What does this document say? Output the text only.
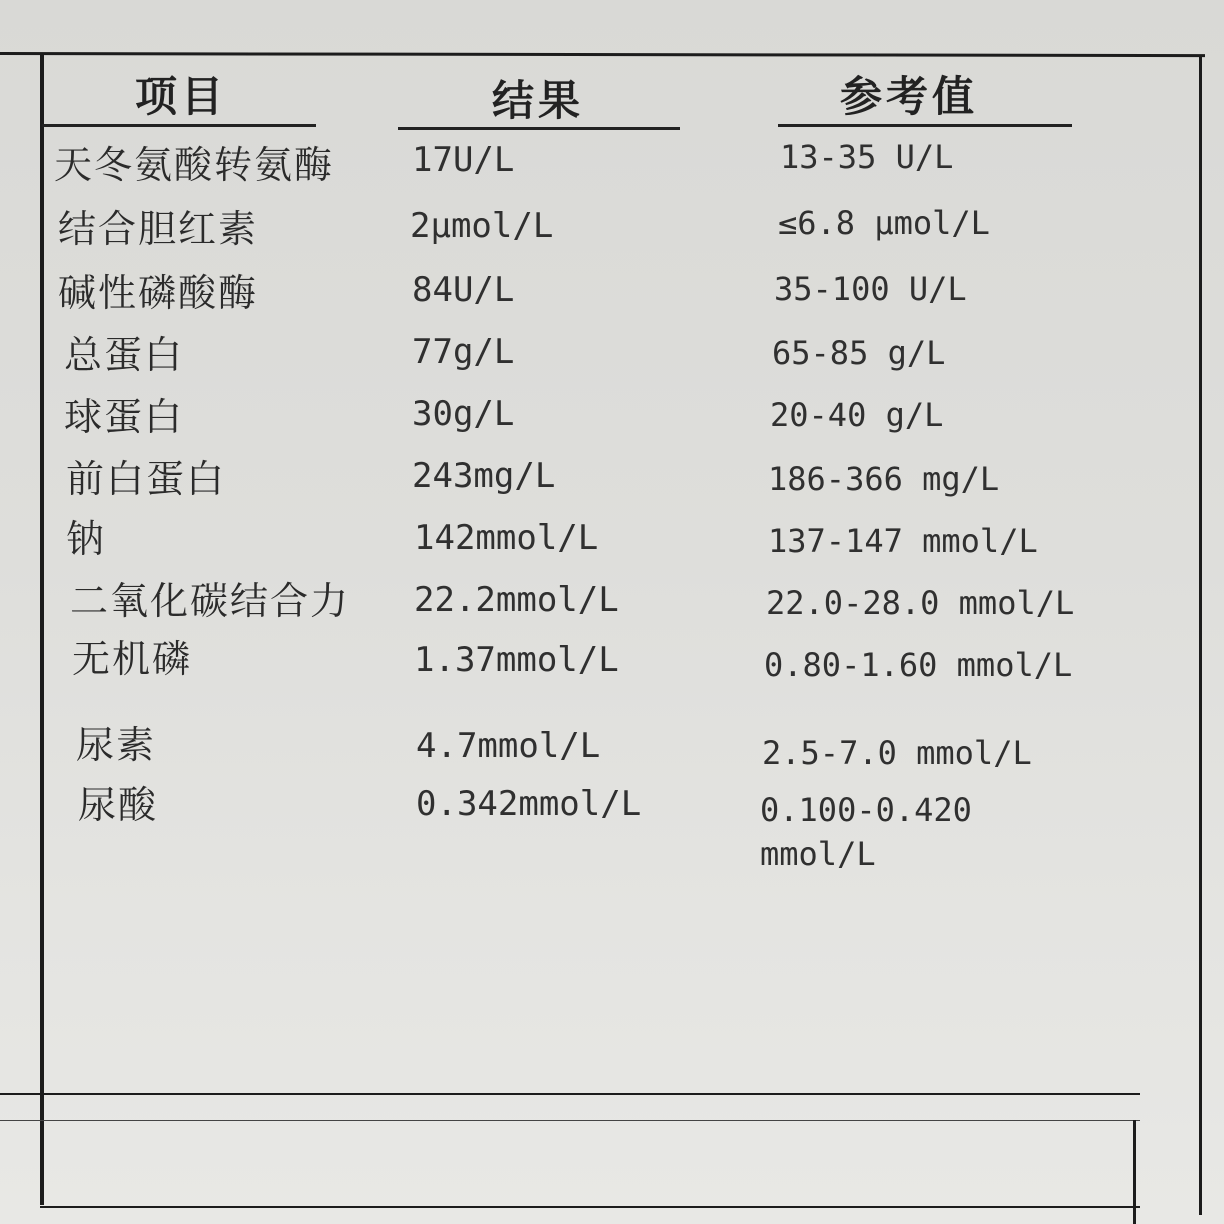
项目	结果	参考值
天冬氨酸转氨酶 17U/L	13-35 U/L
结合胆红素	2μmol/L	≤6.8 μmol/L
碱性磷酸酶	84U/L	35-100 U/L
总蛋白	77g/L	65-85 g/L
球蛋白	30g/L	20-40 g/L
前白蛋白	243mg/L	186-366 mg/L
钠	142mmol/L	137-147 mmol/L
二氧化碳结合力 22.2mmol/L	22.0-28.0 mmol/L
无机磷	1.37mmol/L	0.80-1.60 mmol/L
尿素	4.7mmol/L	2.5-7.0 mmol/L
尿酸	0.342mmol/L	0.100-0.420 mmol/L
